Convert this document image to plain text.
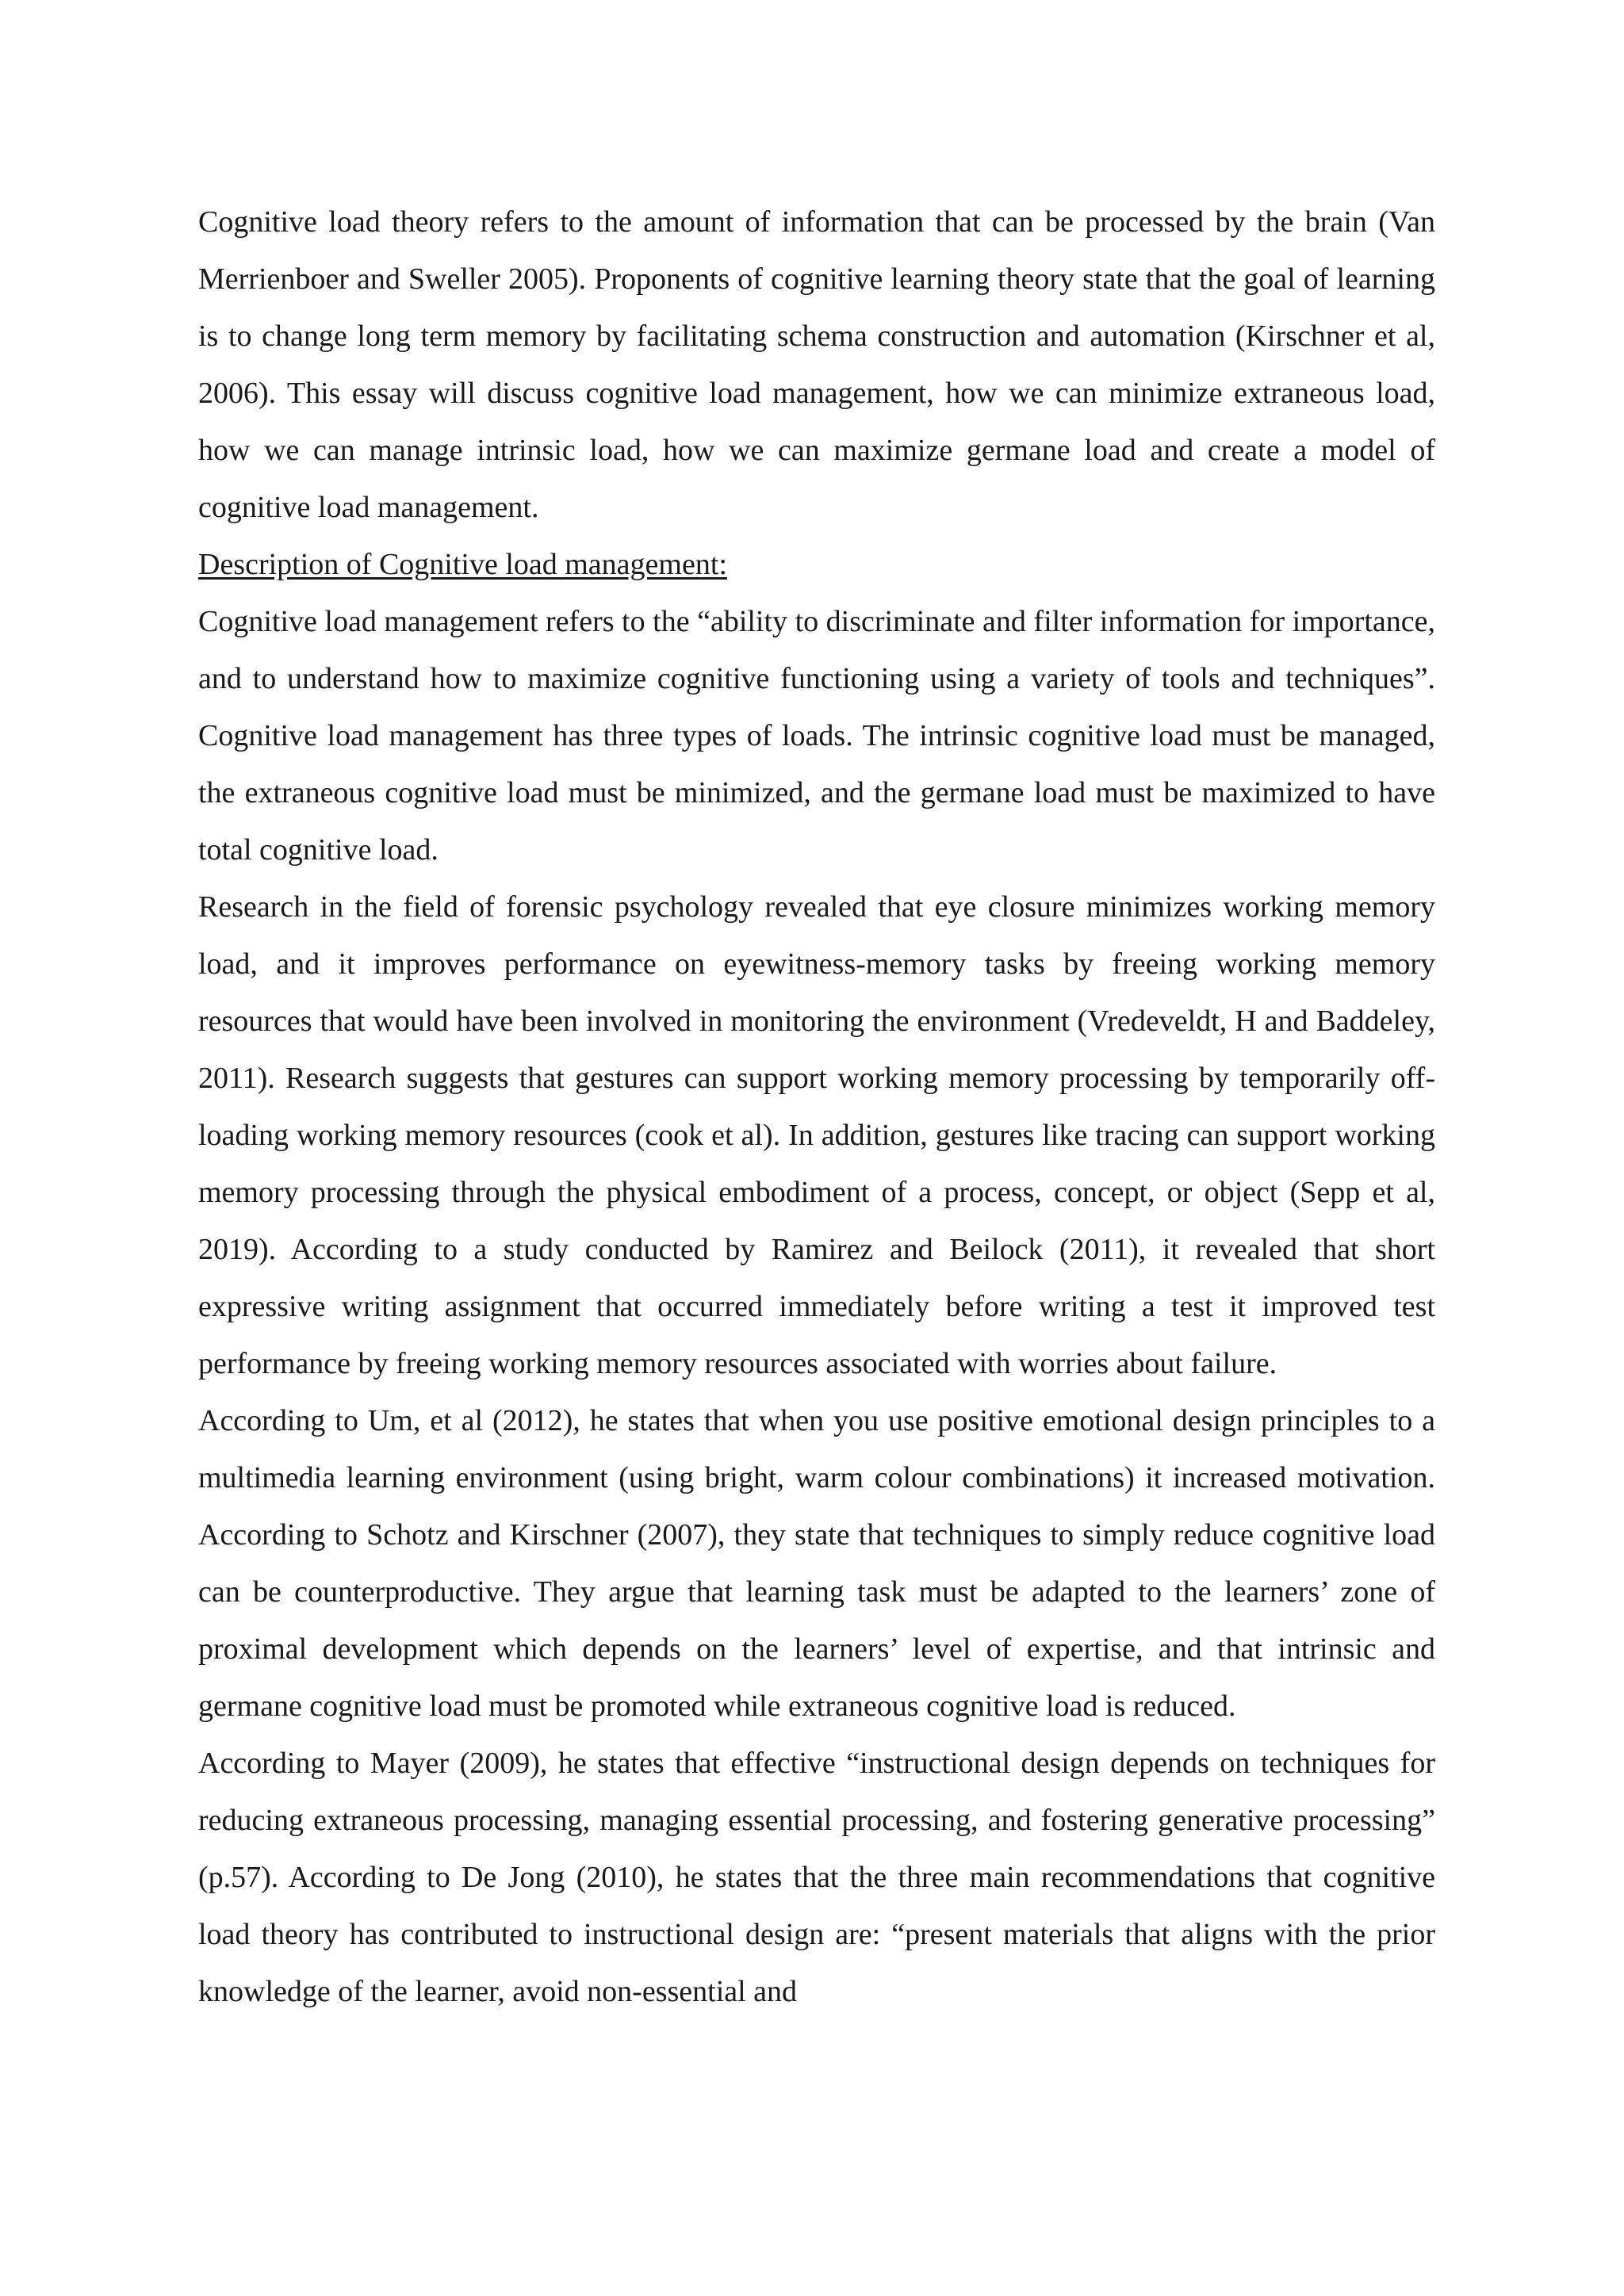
Cognitive load theory refers to the amount of information that can be processed by the brain (Van Merrienboer and Sweller 2005). Proponents of cognitive learning theory state that the goal of learning is to change long term memory by facilitating schema construction and automation (Kirschner et al, 2006). This essay will discuss cognitive load management, how we can minimize extraneous load, how we can manage intrinsic load, how we can maximize germane load and create a model of cognitive load management.

Description of Cognitive load management:

Cognitive load management refers to the “ability to discriminate and filter information for importance, and to understand how to maximize cognitive functioning using a variety of tools and techniques”. Cognitive load management has three types of loads. The intrinsic cognitive load must be managed, the extraneous cognitive load must be minimized, and the germane load must be maximized to have total cognitive load.

Research in the field of forensic psychology revealed that eye closure minimizes working memory load, and it improves performance on eyewitness-memory tasks by freeing working memory resources that would have been involved in monitoring the environment (Vredeveldt, H and Baddeley, 2011). Research suggests that gestures can support working memory processing by temporarily off-loading working memory resources (cook et al). In addition, gestures like tracing can support working memory processing through the physical embodiment of a process, concept, or object (Sepp et al, 2019). According to a study conducted by Ramirez and Beilock (2011), it revealed that short expressive writing assignment that occurred immediately before writing a test it improved test performance by freeing working memory resources associated with worries about failure.

According to Um, et al (2012), he states that when you use positive emotional design principles to a multimedia learning environment (using bright, warm colour combinations) it increased motivation. According to Schotz and Kirschner (2007), they state that techniques to simply reduce cognitive load can be counterproductive. They argue that learning task must be adapted to the learners’ zone of proximal development which depends on the learners’ level of expertise, and that intrinsic and germane cognitive load must be promoted while extraneous cognitive load is reduced.

According to Mayer (2009), he states that effective “instructional design depends on techniques for reducing extraneous processing, managing essential processing, and fostering generative processing” (p.57). According to De Jong (2010), he states that the three main recommendations that cognitive load theory has contributed to instructional design are: “present materials that aligns with the prior knowledge of the learner, avoid non-essential and
